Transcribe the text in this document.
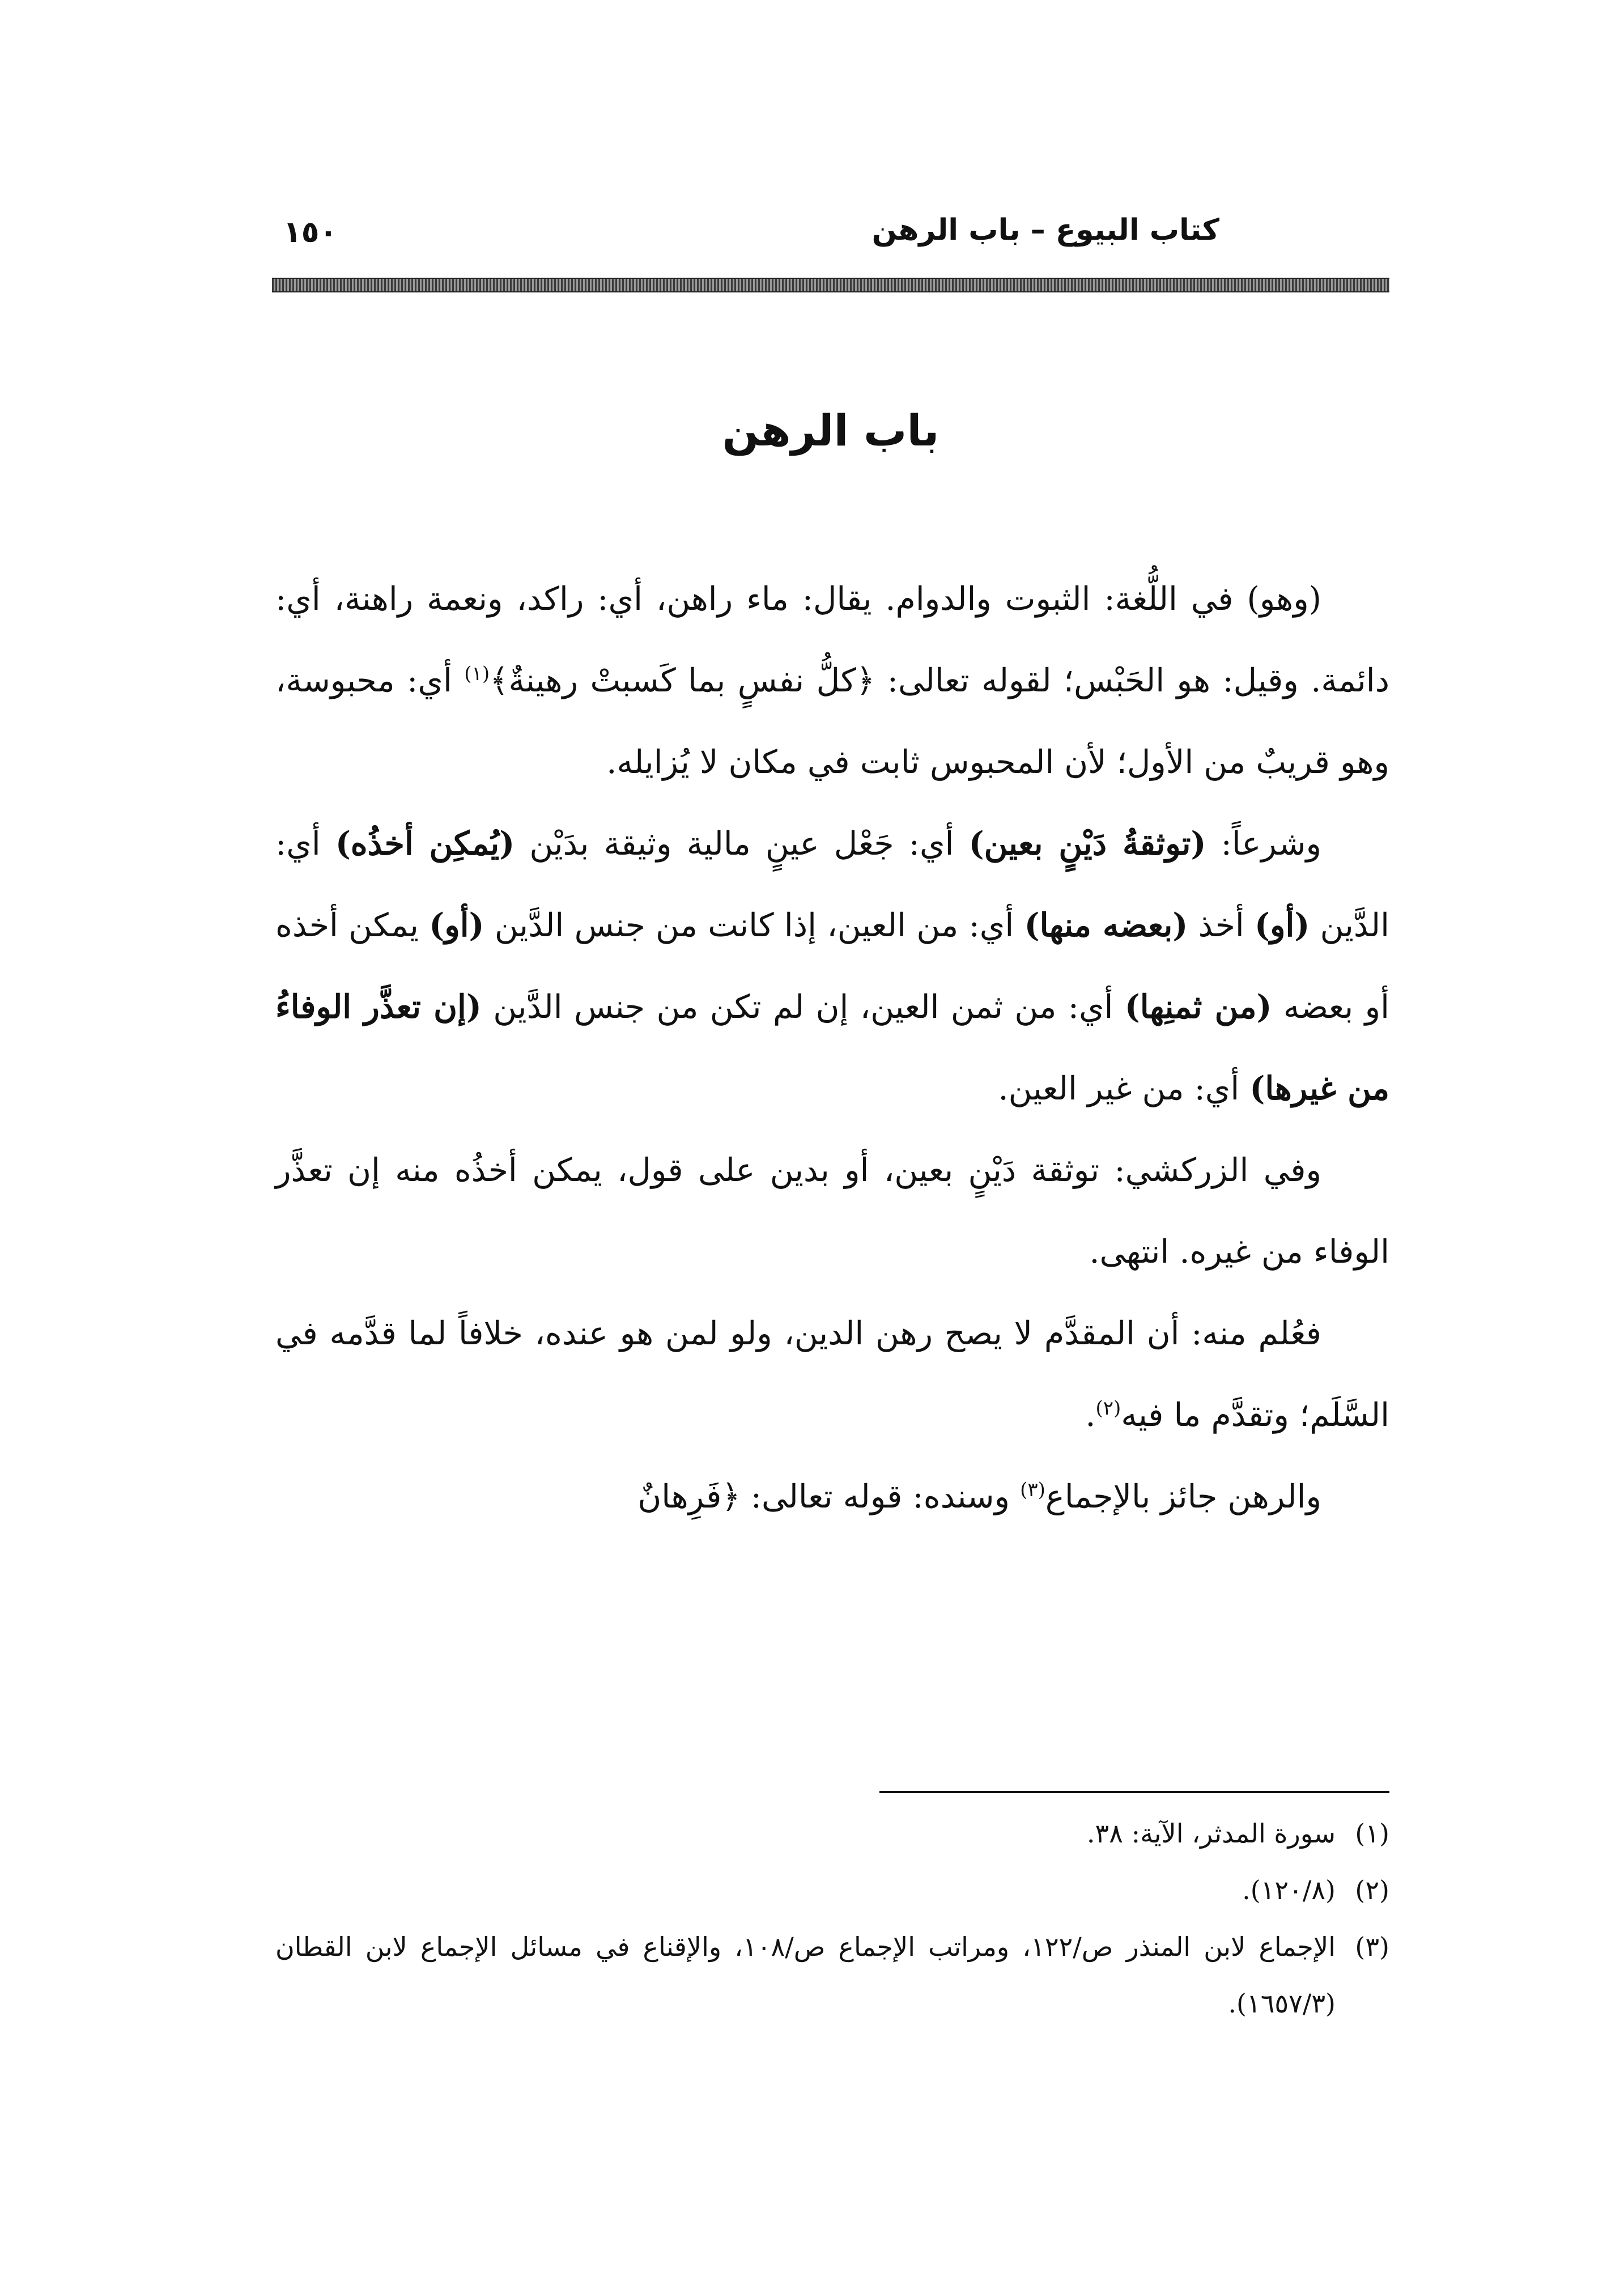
كتاب البيوع – باب الرهن
١٥٠
باب الرهن

(وهو) في اللُّغة: الثبوت والدوام. يقال: ماء راهن، أي: راكد، ونعمة راهنة، أي: دائمة. وقيل: هو الحَبْس؛ لقوله تعالى: ﴿كلُّ نفسٍ بما كَسبتْ رهينةٌ﴾$^{(١)}$ أي: محبوسة، وهو قريبٌ من الأول؛ لأن المحبوس ثابت في مكان لا يُزايله.

وشرعاً: (توثقةُ دَيْنٍ بعين) أي: جَعْل عينٍ مالية وثيقة بدَيْن (يُمكِن أخذُه) أي: الدَّين (أو) أخذ (بعضه منها) أي: من العين، إذا كانت من جنس الدَّين (أو) يمكن أخذه أو بعضه (من ثمنِها) أي: من ثمن العين، إن لم تكن من جنس الدَّين (إن تعذَّر الوفاءُ من غيرها) أي: من غير العين.

وفي الزركشي: توثقة دَيْنٍ بعين، أو بدين على قول، يمكن أخذُه منه إن تعذَّر الوفاء من غيره. انتهى.

فعُلم منه: أن المقدَّم لا يصح رهن الدين، ولو لمن هو عنده، خلافاً لما قدَّمه في السَّلَم؛ وتقدَّم ما فيه$^{(٢)}$.

والرهن جائز بالإجماع$^{(٣)}$ وسنده: قوله تعالى: ﴿فَرِهانٌ

(١)
سورة المدثر، الآية: ٣٨.
(٢)
(١٢٠/٨).
(٣)
الإجماع لابن المنذر ص/١٢٢، ومراتب الإجماع ص/١٠٨، والإقناع في مسائل الإجماع لابن القطان (١٦٥٧/٣).
